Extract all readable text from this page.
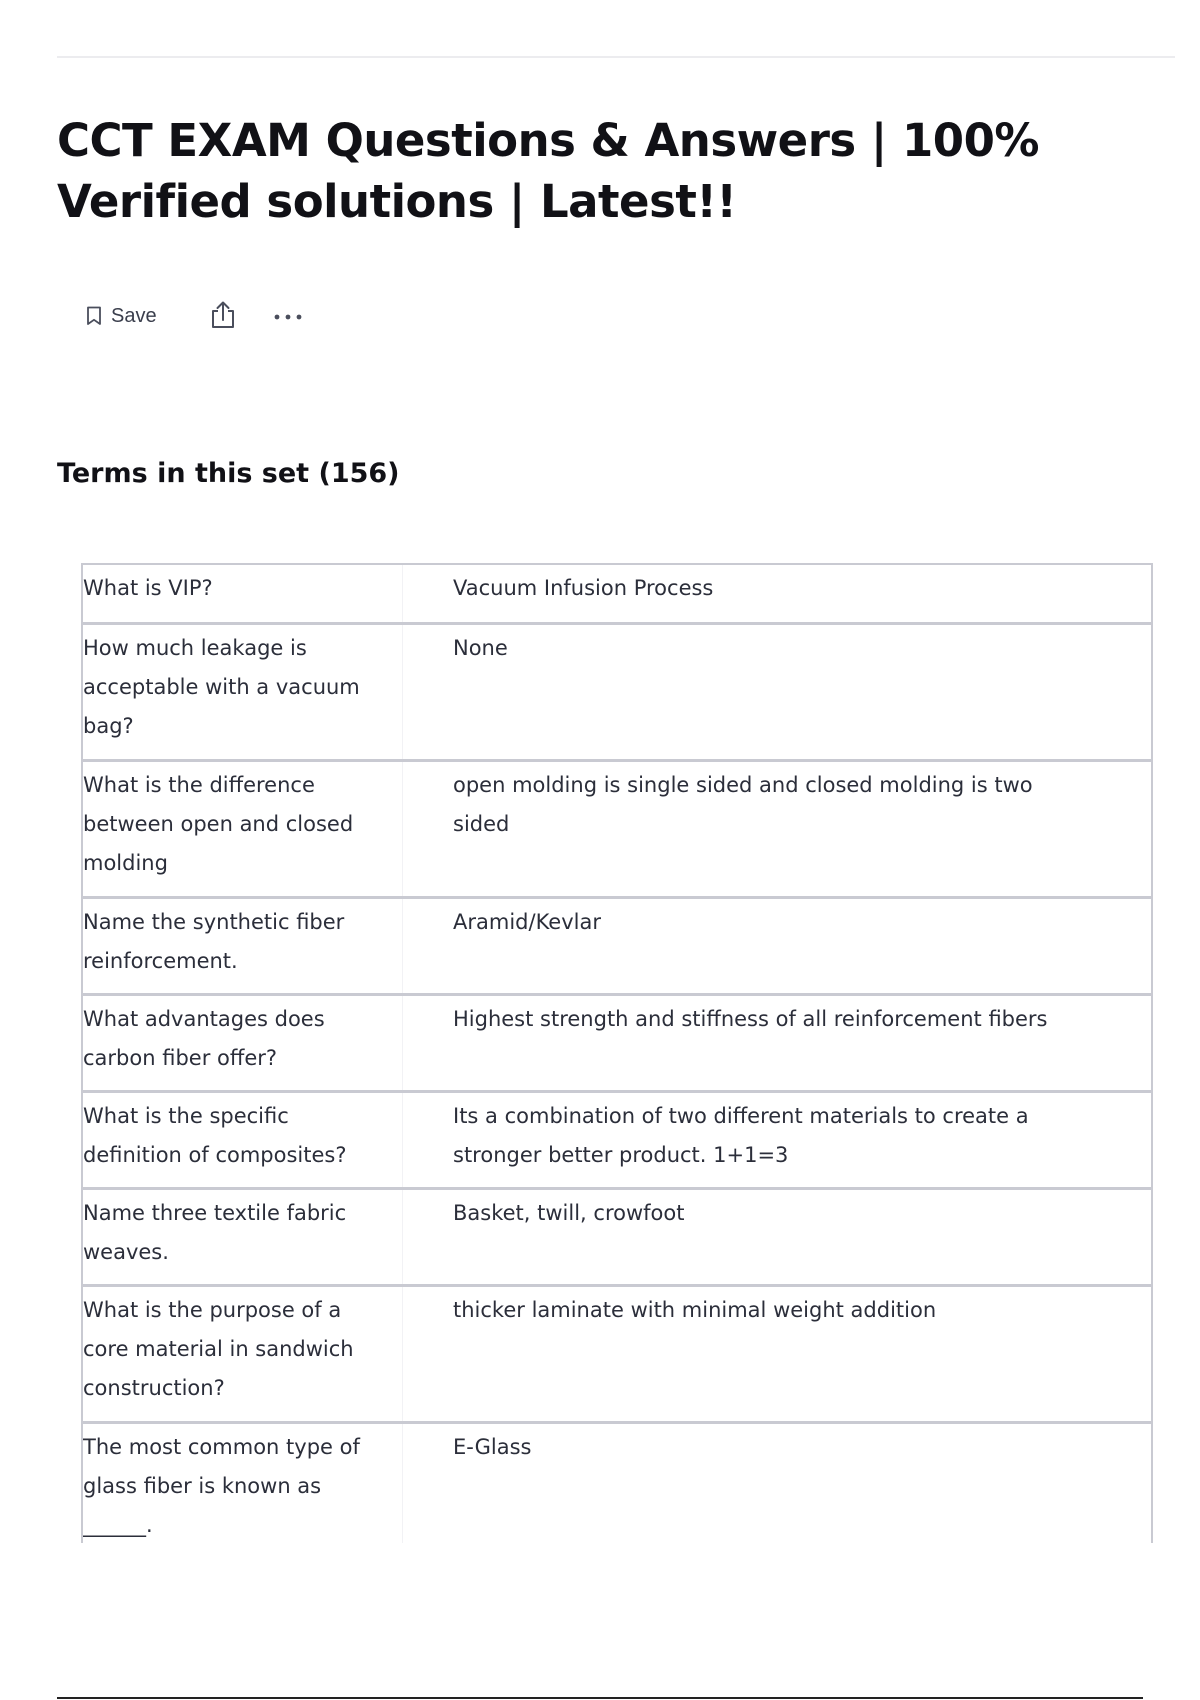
CCT EXAM Questions & Answers | 100% Verified solutions | Latest!!
Save
Terms in this set (156)
What is VIP?	Vacuum Infusion Process
How much leakage is acceptable with a vacuum bag?
None
What is the difference between open and closed molding
open molding is single sided and closed molding is two sided
Name the synthetic fiber reinforcement.
Aramid/Kevlar
What advantages does carbon fiber offer?
Highest strength and stiffness of all reinforcement fibers
What is the specific definition of composites?
Its a combination of two different materials to create a stronger better product. 1+1=3
Name three textile fabric weaves.
Basket, twill, crowfoot
What is the purpose of a core material in sandwich construction?
thicker laminate with minimal weight addition
The most common type of glass fiber is known as ______.
E-Glass
